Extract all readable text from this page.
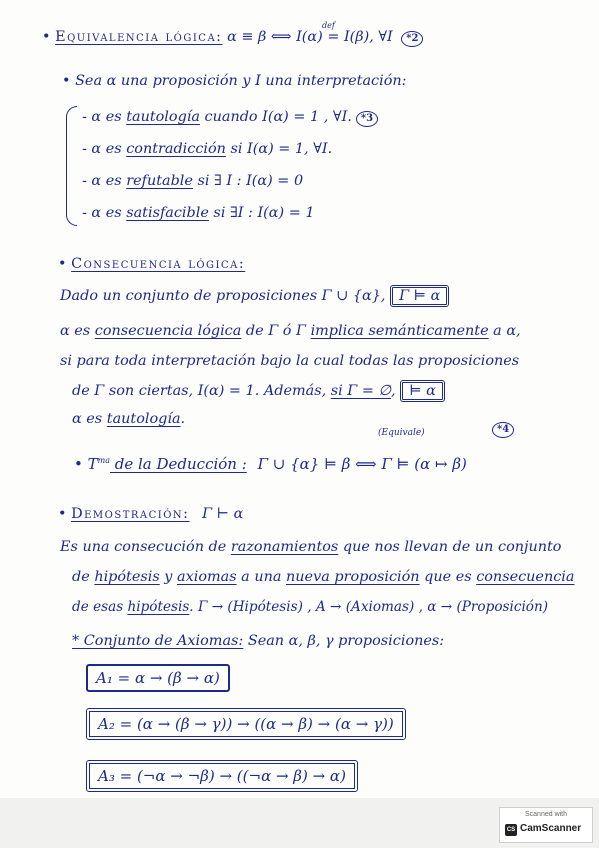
• Equivalencia lógica: α ≡ β ⟺ I(α) = I(β), ∀I *2
def
• Sea α una proposición y I una interpretación:
- α es tautología cuando I(α) = 1 , ∀I. *3
- α es contradicción si I(α) = 1, ∀I.
- α es refutable si ∃ I : I(α) = 0
- α es satisfacible si ∃I : I(α) = 1
• Consecuencia lógica:
Dado un conjunto de proposiciones Γ ∪ {α}, Γ ⊨ α
α es consecuencia lógica de Γ ó Γ implica semánticamente a α,
si para toda interpretación bajo la cual todas las proposiciones
de Γ son ciertas, I(α) = 1. Además, si Γ = ∅, ⊨ α
α es tautología.
(Equivale)	*4
• $T^{ma}$ de la Deducción : Γ ∪ {α} ⊨ β ⟺ Γ ⊨ (α ↦ β)
• Demostración: Γ ⊢ α
Es una consecución de razonamientos que nos llevan de un conjunto
de hipótesis y axiomas a una nueva proposición que es consecuencia
de esas hipótesis. Γ → (Hipótesis) , A → (Axiomas) , α → (Proposición)
* Conjunto de Axiomas: Sean α, β, γ proposiciones:
A₁ = α → (β → α)
A₂ = (α → (β → γ)) → ((α → β) → (α → γ))
A₃ = (¬α → ¬β) → ((¬α → β) → α)
Scanned with
CS CamScanner
